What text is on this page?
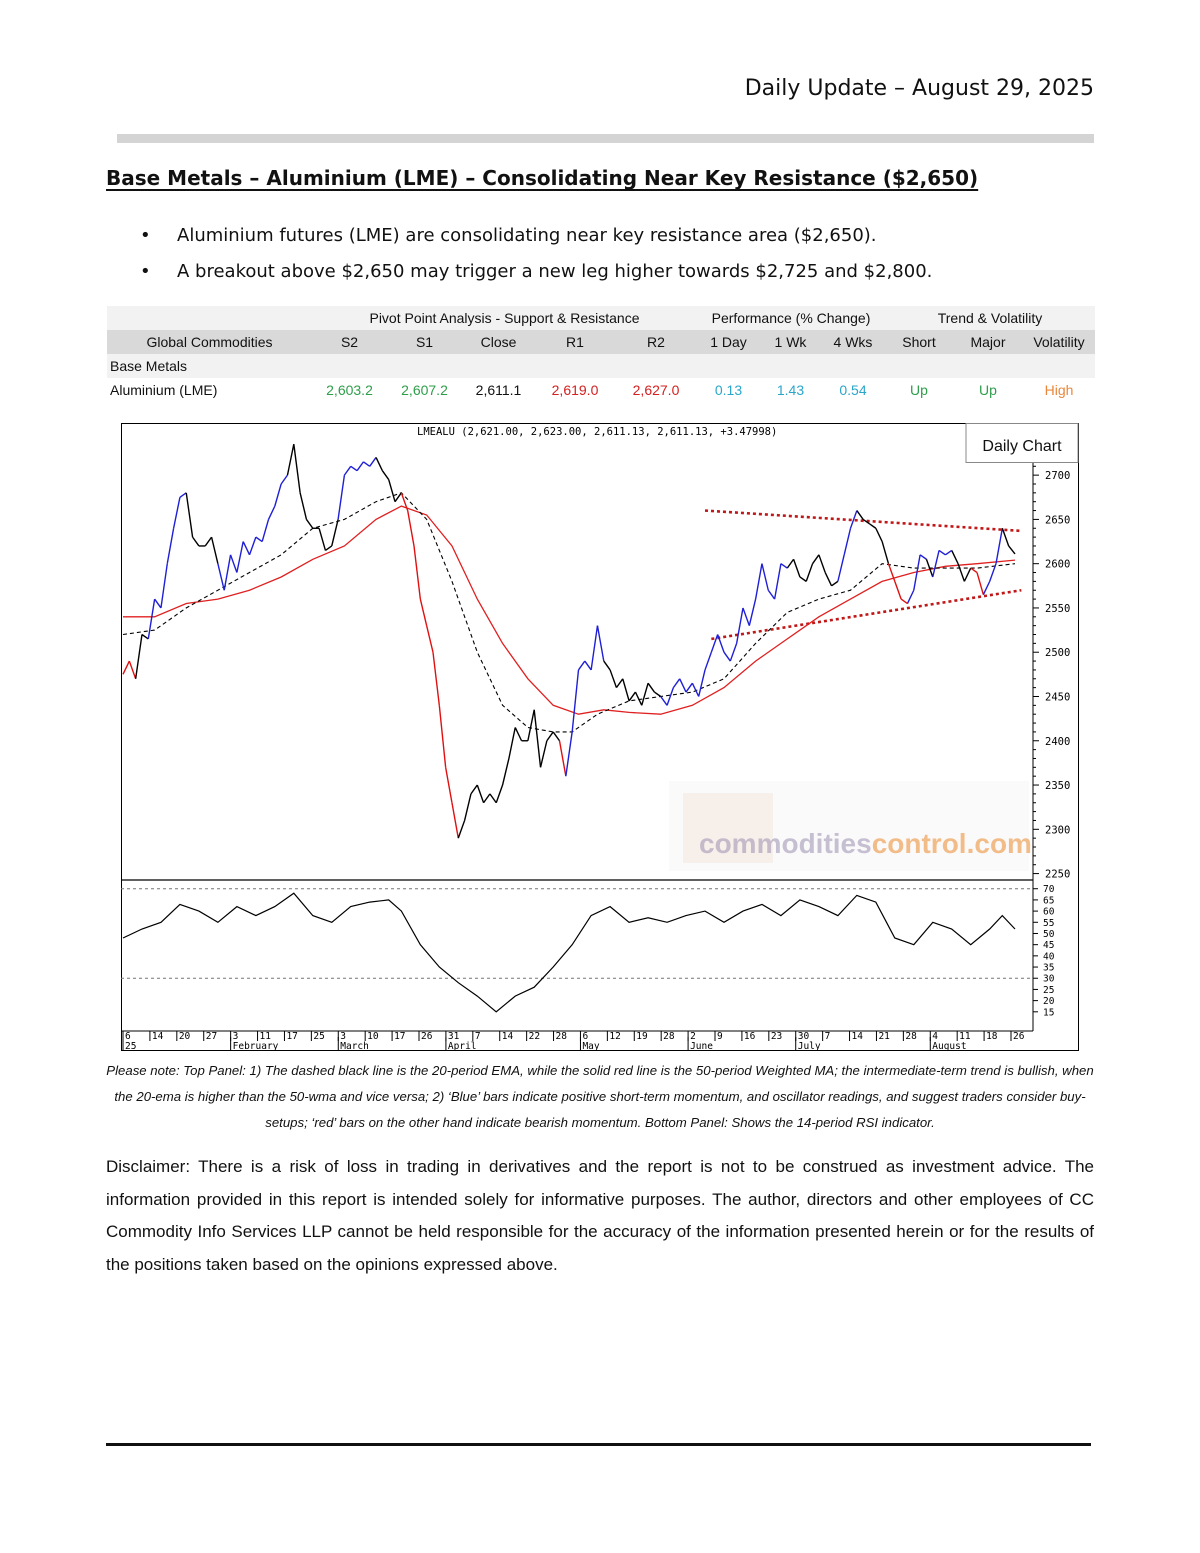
Daily Update – August 29, 2025
Base Metals – Aluminium (LME) – Consolidating Near Key Resistance ($2,650)
• Aluminium futures (LME) are consolidating near key resistance area ($2,650).
• A breakout above $2,650 may trigger a new leg higher towards $2,725 and $2,800.
	Pivot Point Analysis - Support & Resistance					Performance (% Change)			Trend & Volatility		
Global Commodities	S2	S1	Close	R1	R2	1 Day	1 Wk	4 Wks	Short	Major	Volatility
Base Metals											
Aluminium (LME)	2,603.2	2,607.2	2,611.1	2,619.0	2,627.0	0.13	1.43	0.54	Up	Up	High
commoditiescontrol.com
2250
2300
2350
2400
2450
2500
2550
2600
2650
2700
15
20
25
30
35
40
45
50
55
60
65
70
6 14 20 27 3 11 17 25 3 10 17 26 31 7 14 22 28 6 12 19 28 2 9 16 23 30 7 14 21 28 4 11 18 26
25	February	March	April	May	June	July	August
LMEALU (2,621.00, 2,623.00, 2,611.13, 2,611.13, +3.47998)
Daily Chart
Please note: Top Panel: 1) The dashed black line is the 20-period EMA, while the solid red line is the 50-period Weighted MA; the intermediate-term trend is bullish, when the 20-ema is higher than the 50-wma and vice versa; 2) ‘Blue’ bars indicate positive short-term momentum, and oscillator readings, and suggest traders consider buy-setups; ‘red’ bars on the other hand indicate bearish momentum. Bottom Panel: Shows the 14-period RSI indicator.
Disclaimer: There is a risk of loss in trading in derivatives and the report is not to be construed as investment advice. The information provided in this report is intended solely for informative purposes. The author, directors and other employees of CC Commodity Info Services LLP cannot be held responsible for the accuracy of the information presented herein or for the results of the positions taken based on the opinions expressed above.
